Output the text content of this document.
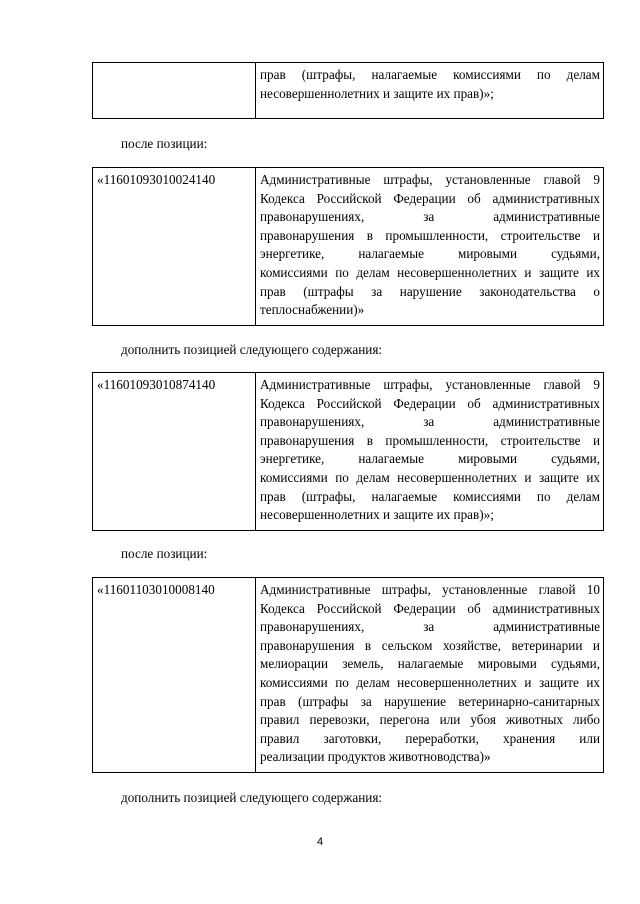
прав (штрафы, налагаемые комиссиями по делам
несовершеннолетних и защите их прав)»;
после позиции:
«11601093010024140	Административные штрафы, установленные главой 9
Кодекса Российской Федерации об административных
правонарушениях, за административные
правонарушения в промышленности, строительстве и
энергетике, налагаемые мировыми судьями,
комиссиями по делам несовершеннолетних и защите их
прав (штрафы за нарушение законодательства о
теплоснабжении)»
дополнить позицией следующего содержания:
«11601093010874140	Административные штрафы, установленные главой 9
Кодекса Российской Федерации об административных
правонарушениях, за административные
правонарушения в промышленности, строительстве и
энергетике, налагаемые мировыми судьями,
комиссиями по делам несовершеннолетних и защите их
прав (штрафы, налагаемые комиссиями по делам
несовершеннолетних и защите их прав)»;
после позиции:
«11601103010008140	Административные штрафы, установленные главой 10
Кодекса Российской Федерации об административных
правонарушениях, за административные
правонарушения в сельском хозяйстве, ветеринарии и
мелиорации земель, налагаемые мировыми судьями,
комиссиями по делам несовершеннолетних и защите их
прав (штрафы за нарушение ветеринарно-санитарных
правил перевозки, перегона или убоя животных либо
правил заготовки, переработки, хранения или
реализации продуктов животноводства)»
дополнить позицией следующего содержания:
4
